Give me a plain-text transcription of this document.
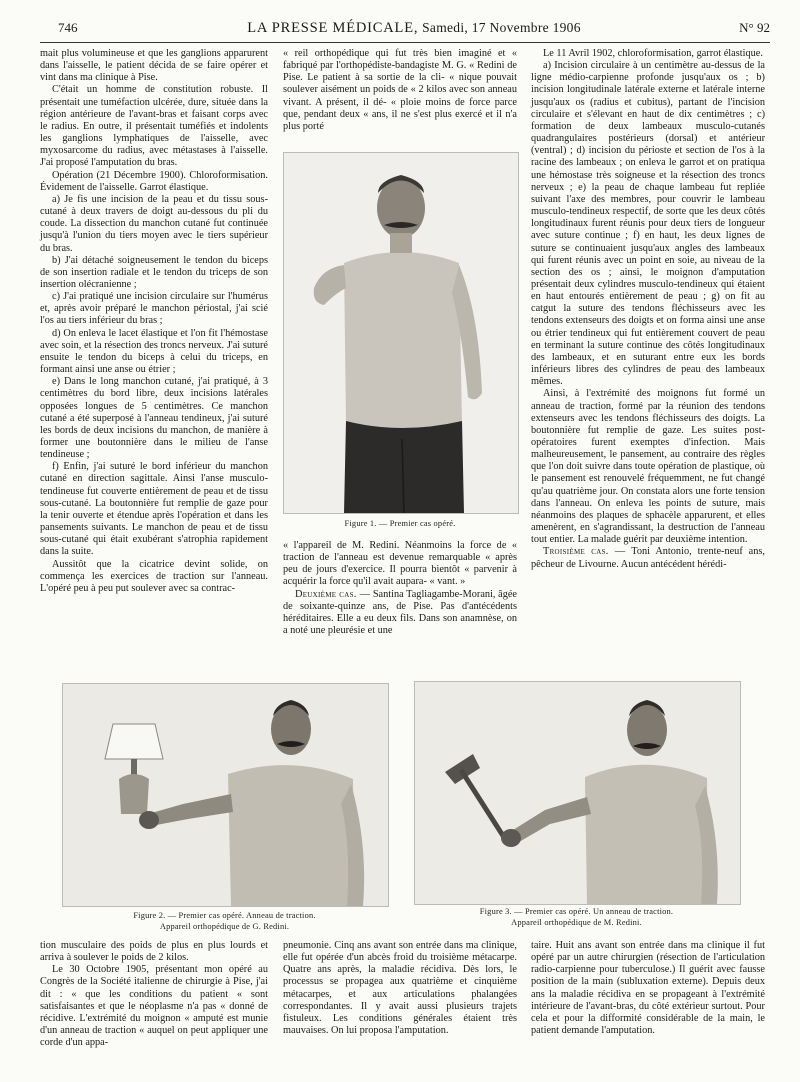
746	LA PRESSE MÉDICALE, Samedi, 17 Novembre 1906	N° 92

mait plus volumineuse et que les ganglions apparurent dans l'aisselle, le patient décida de se faire opérer et vint dans ma clinique à Pise.

C'était un homme de constitution robuste. Il présentait une tuméfaction ulcérée, dure, située dans la région antérieure de l'avant-bras et faisant corps avec le radius. En outre, il présentait tuméfiés et indolents les ganglions lymphatiques de l'aisselle, avec myxosarcome du radius, avec métastases à l'aisselle. J'ai proposé l'amputation du bras.

Opération (21 Décembre 1900). Chloroformisation. Évidement de l'aisselle. Garrot élastique.

a) Je fis une incision de la peau et du tissu sous-cutané à deux travers de doigt au-dessous du pli du coude. La dissection du manchon cutané fut continuée jusqu'à l'union du tiers moyen avec le tiers supérieur du bras.

b) J'ai détaché soigneusement le tendon du biceps de son insertion radiale et le tendon du triceps de son insertion olécranienne ;

c) J'ai pratiqué une incision circulaire sur l'humérus et, après avoir préparé le manchon périostal, j'ai scié l'os au tiers inférieur du bras ;

d) On enleva le lacet élastique et l'on fit l'hémostase avec soin, et la résection des troncs nerveux. J'ai suturé ensuite le tendon du biceps à celui du triceps, en formant ainsi une anse ou étrier ;

e) Dans le long manchon cutané, j'ai pratiqué, à 3 centimètres du bord libre, deux incisions latérales opposées longues de 5 centimètres. Ce manchon cutané a été superposé à l'anneau tendineux, j'ai suturé les bords de deux incisions du manchon, de manière à former une boutonnière dans le milieu de l'anse tendineuse ;

f) Enfin, j'ai suturé le bord inférieur du manchon cutané en direction sagittale. Ainsi l'anse musculo-tendineuse fut couverte entièrement de peau et de tissu sous-cutané. La boutonnière fut remplie de gaze pour la tenir ouverte et étendue après l'opération et dans les pansements suivants. Le manchon de peau et de tissu sous-cutané qui était exubérant s'atrophia rapidement dans la suite.

Aussitôt que la cicatrice devint solide, on commença les exercices de traction sur l'anneau. L'opéré peu à peu put soulever avec sa contrac-

« reil orthopédique qui fut très bien imaginé et « fabriqué par l'orthopédiste-bandagiste M. G. « Redini de Pise. Le patient à sa sortie de la cli- « nique pouvait soulever aisément un poids de « 2 kilos avec son anneau vivant. A présent, il dé- « ploie moins de force parce que, pendant deux « ans, il ne s'est plus exercé et il n'a plus porté

Figure 1. — Premier cas opéré.

« l'appareil de M. Redini. Néanmoins la force de « traction de l'anneau est devenue remarquable « après peu de jours d'exercice. Il pourra bientôt « parvenir à acquérir la force qu'il avait aupara- « vant. »

Deuxième cas. — Santina Tagliagambe-Morani, âgée de soixante-quinze ans, de Pise. Pas d'antécédents héréditaires. Elle a eu deux fils. Dans son anamnèse, on a noté une pleurésie et une

Le 11 Avril 1902, chloroformisation, garrot élastique.

a) Incision circulaire à un centimètre au-dessus de la ligne médio-carpienne profonde jusqu'aux os ; b) incision longitudinale latérale externe et latérale interne jusqu'aux os (radius et cubitus), partant de l'incision circulaire et s'élevant en haut de dix centimètres ; c) formation de deux lambeaux musculo-cutanés quadrangulaires postérieurs (dorsal) et antérieur (ventral) ; d) incision du périoste et section de l'os à la racine des lambeaux ; on enleva le garrot et on pratiqua une hémostase très soigneuse et la résection des troncs nerveux ; e) la peau de chaque lambeau fut repliée suivant l'axe des membres, pour couvrir le lambeau musculo-tendineux respectif, de sorte que les deux côtés longitudinaux furent réunis pour deux tiers de longueur avec suture continue ; f) en haut, les deux lignes de suture se continuaient jusqu'aux angles des lambeaux qui furent réunis avec un point en soie, au niveau de la section des os ; ainsi, le moignon d'amputation présentait deux cylindres musculo-tendineux qui étaient en haut entourés entièrement de peau ; g) on fit au catgut la suture des tendons fléchisseurs avec les tendons extenseurs des doigts et on forma ainsi une anse ou étrier tendineux qui fut entièrement couvert de peau en terminant la suture continue des côtés longitudinaux des lambeaux, et en suturant entre eux les bords inférieurs libres des cylindres de peau des lambeaux mêmes.

Ainsi, à l'extrémité des moignons fut formé un anneau de traction, formé par la réunion des tendons extenseurs avec les tendons fléchisseurs des doigts. La boutonnière fut remplie de gaze. Les suites post-opératoires furent exemptes d'infection. Mais malheureusement, le pansement, au contraire des règles que l'on doit suivre dans toute opération de plastique, où le pansement est renouvelé fréquemment, ne fut changé qu'au quatrième jour. On constata alors une forte tension dans l'anneau. On enleva les points de suture, mais néanmoins des plaques de sphacèle apparurent, et elles amenèrent, en s'agrandissant, la destruction de l'anneau tout entier. La malade guérit par deuxième intention.

Troisième cas. — Toni Antonio, trente-neuf ans, pêcheur de Livourne. Aucun antécédent hérédi-

Figure 2. — Premier cas opéré. Anneau de traction.
Appareil orthopédique de G. Redini.
Figure 3. — Premier cas opéré. Un anneau de traction.
Appareil orthopédique de M. Redini.

tion musculaire des poids de plus en plus lourds et arriva à soulever le poids de 2 kilos.

Le 30 Octobre 1905, présentant mon opéré au Congrès de la Société italienne de chirurgie à Pise, j'ai dit : « que les conditions du patient « sont satisfaisantes et que le néoplasme n'a pas « donné de récidive. L'extrémité du moignon « amputé est munie d'un anneau de traction « auquel on peut appliquer une corde d'un appa-

pneumonie. Cinq ans avant son entrée dans ma clinique, elle fut opérée d'un abcès froid du troisième métacarpe. Quatre ans après, la maladie récidiva. Dès lors, le processus se propagea aux quatrième et cinquième métacarpes, et aux articulations phalangées correspondantes. Il y avait aussi plusieurs trajets fistuleux. Les conditions générales étaient très mauvaises. On lui proposa l'amputation.

taire. Huit ans avant son entrée dans ma clinique il fut opéré par un autre chirurgien (résection de l'articulation radio-carpienne pour tuberculose.) Il guérit avec fausse position de la main (subluxation externe). Depuis deux ans la maladie récidiva en se propageant à l'extrémité intérieure de l'avant-bras, du côté extérieur surtout. Pour cela et pour la difformité considérable de la main, le patient demande l'amputation.
